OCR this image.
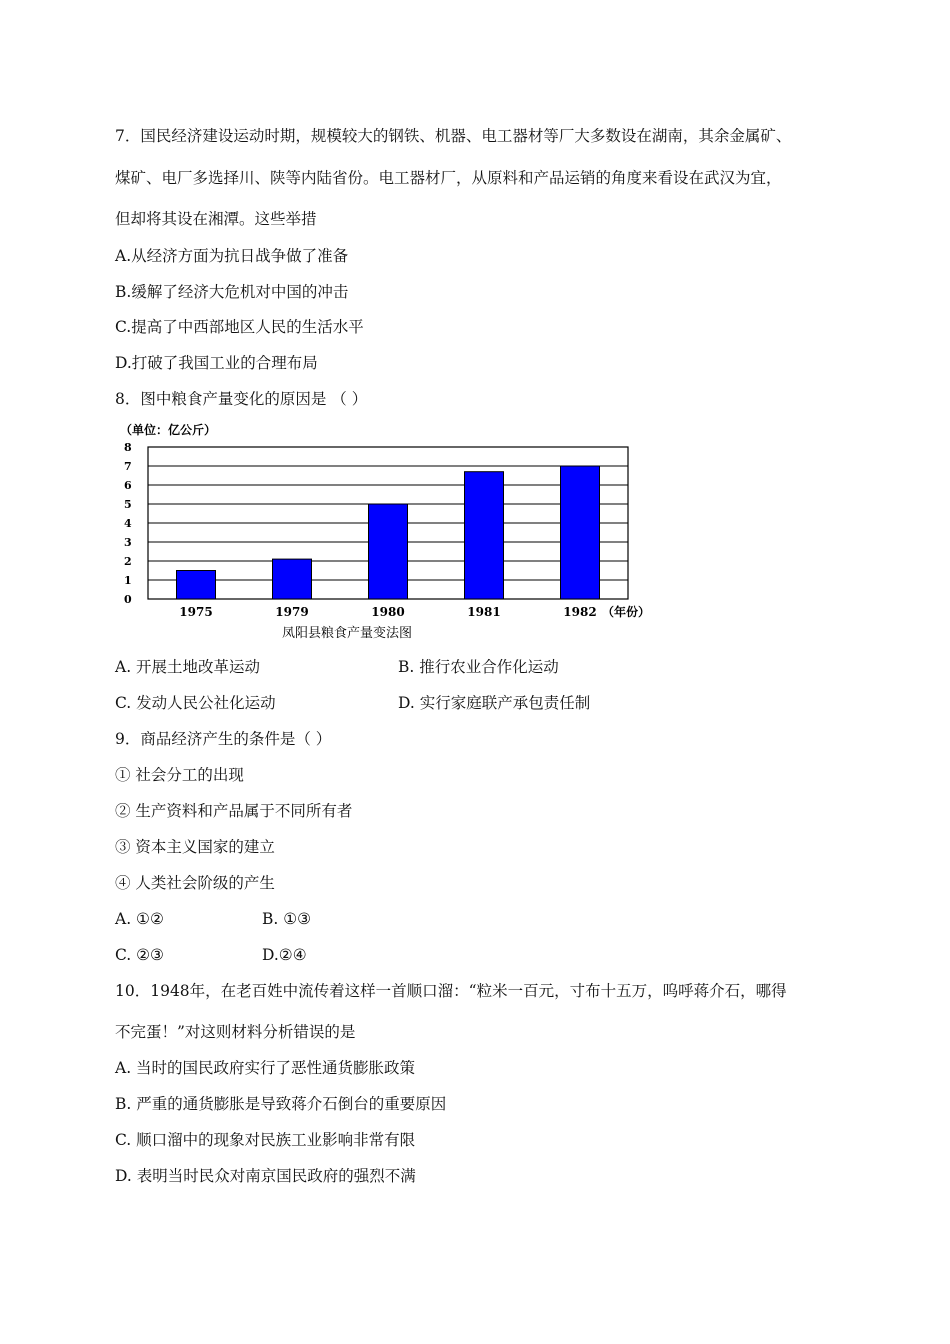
7．国民经济建设运动时期，规模较大的钢铁、机器、电工器材等厂大多数设在湖南，其余金属矿、
煤矿、电厂多选择川、陕等内陆省份。电工器材厂，从原料和产品运销的角度来看设在武汉为宜，
但却将其设在湘潭。这些举措
A.从经济方面为抗日战争做了准备
B.缓解了经济大危机对中国的冲击
C.提高了中西部地区人民的生活水平
D.打破了我国工业的合理布局
8．图中粮食产量变化的原因是 （ ）
（单位：亿公斤）
0
1
2
3
4
5
6
7
8
1975	1979	1980	1981	1982 （年份）
凤阳县粮食产量变法图
A. 开展土地改革运动	B. 推行农业合作化运动
C. 发动人民公社化运动	D. 实行家庭联产承包责任制
9．商品经济产生的条件是（ ）
① 社会分工的出现
② 生产资料和产品属于不同所有者
③ 资本主义国家的建立
④ 人类社会阶级的产生
A. ①②	B. ①③
C. ②③	D.②④
10．1948年，在老百姓中流传着这样一首顺口溜：“粒米一百元，寸布十五万，呜呼蒋介石，哪得
不完蛋！”对这则材料分析错误的是
A. 当时的国民政府实行了恶性通货膨胀政策
B. 严重的通货膨胀是导致蒋介石倒台的重要原因
C. 顺口溜中的现象对民族工业影响非常有限
D. 表明当时民众对南京国民政府的强烈不满
